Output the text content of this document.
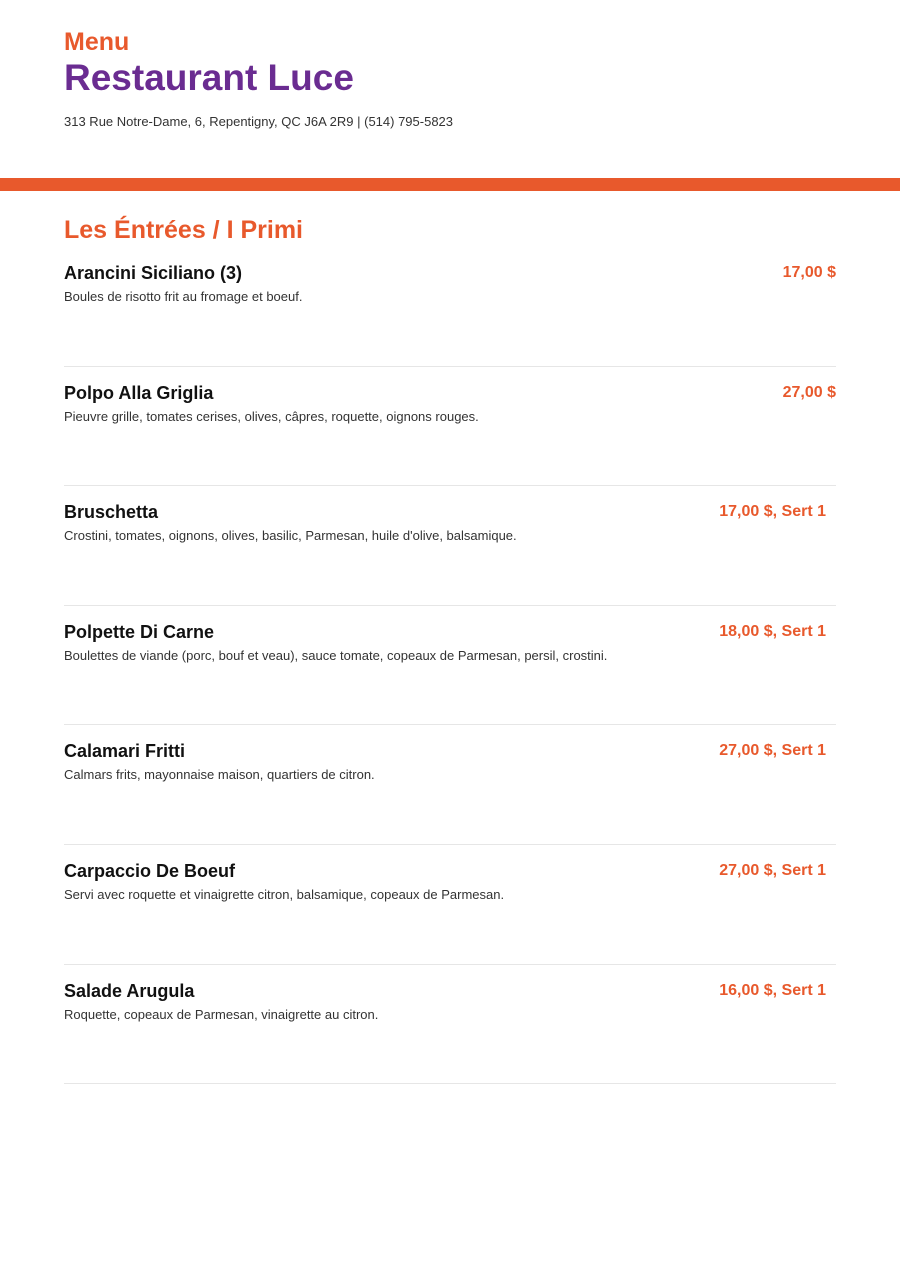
Menu
Restaurant Luce
313 Rue Notre-Dame, 6, Repentigny, QC J6A 2R9 | (514) 795-5823
Les Éntrées / I Primi
Arancini Siciliano (3)	17,00 $
Boules de risotto frit au fromage et boeuf.
Polpo Alla Griglia	27,00 $
Pieuvre grille, tomates cerises, olives, câpres, roquette, oignons rouges.
Bruschetta	17,00 $, Sert 1
Crostini, tomates, oignons, olives, basilic, Parmesan, huile d'olive, balsamique.
Polpette Di Carne	18,00 $, Sert 1
Boulettes de viande (porc, bouf et veau), sauce tomate, copeaux de Parmesan, persil, crostini.
Calamari Fritti	27,00 $, Sert 1
Calmars frits, mayonnaise maison, quartiers de citron.
Carpaccio De Boeuf	27,00 $, Sert 1
Servi avec roquette et vinaigrette citron, balsamique, copeaux de Parmesan.
Salade Arugula	16,00 $, Sert 1
Roquette, copeaux de Parmesan, vinaigrette au citron.
